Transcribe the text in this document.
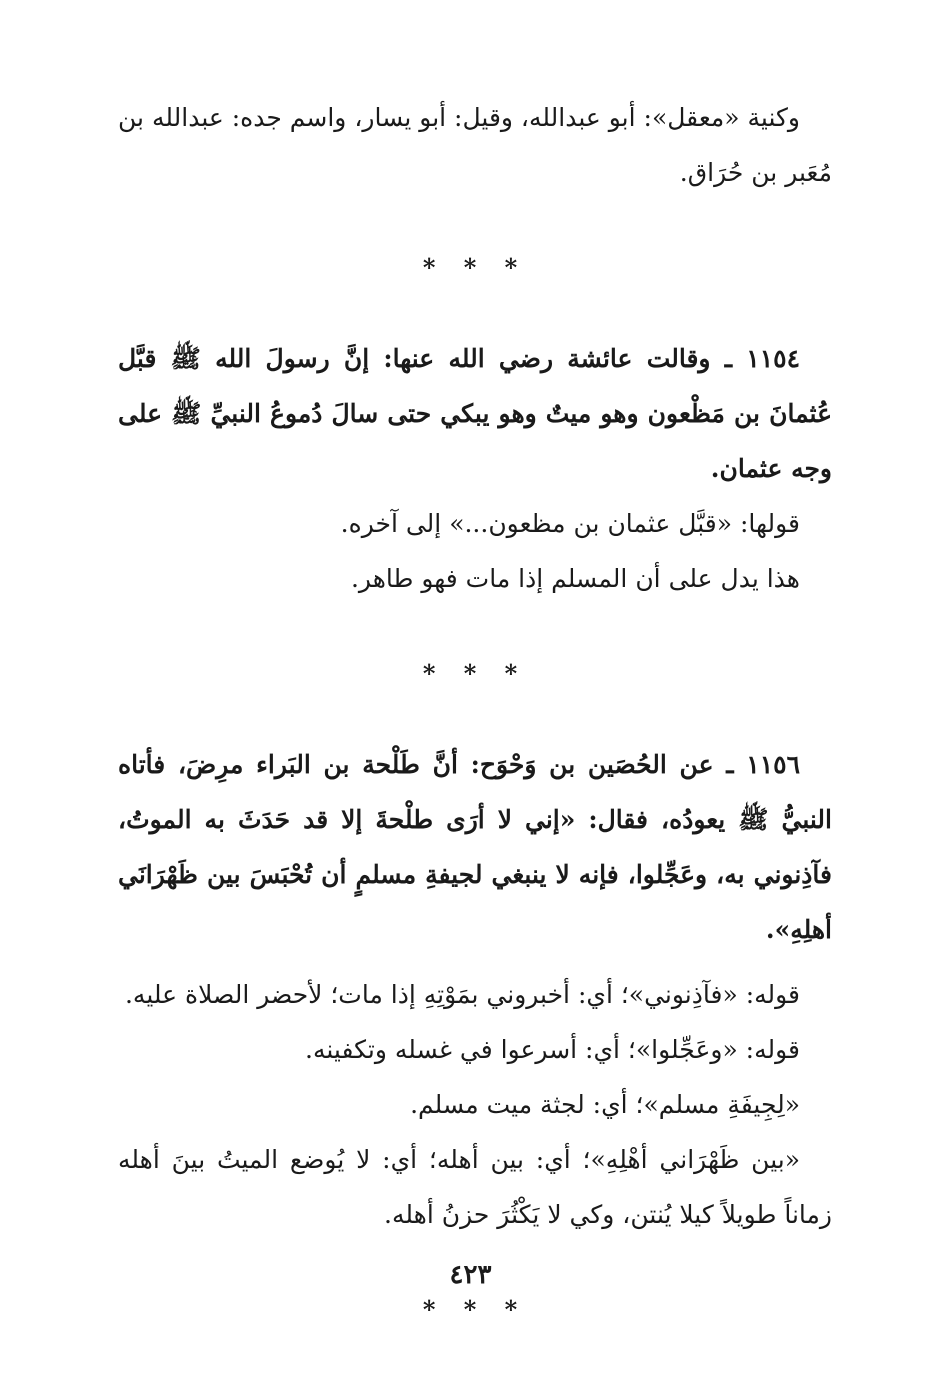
وكنية «معقل»: أبو عبدالله، وقيل: أبو يسار، واسم جده: عبدالله بن
مُعَبر بن حُرَاق.

* * *

١١٥٤ ـ وقالت عائشة رضي الله عنها: إنَّ رسولَ الله ﷺ قبَّل عُثمانَ بن مَظْعون وهو ميتٌ وهو يبكي حتى سالَ دُموعُ النبيِّ ﷺ على وجه عثمان.

قولها: «قبَّل عثمان بن مظعون...» إلى آخره.

هذا يدل على أن المسلم إذا مات فهو طاهر.

* * *

١١٥٦ ـ عن الحُصَين بن وَحْوَح: أنَّ طَلْحة بن البَراء مرِضَ، فأتاه النبيُّ ﷺ يعودُه، فقال: «إني لا أرَى طلْحةَ إلا قد حَدَثَ به الموتُ، فآذِنوني به، وعَجِّلوا، فإنه لا ينبغي لجيفةِ مسلمٍ أن تُحْبَسَ بين ظَهْرَانَي أهلِهِ».

قوله: «فآذِنوني»؛ أي: أخبروني بمَوْتِهِ إذا مات؛ لأحضر الصلاة عليه.

قوله: «وعَجِّلوا»؛ أي: أسرعوا في غسله وتكفينه.

«لِجِيفَةِ مسلم»؛ أي: لجثة ميت مسلم.

«بين ظَهْرَاني أهْلِهِ»؛ أي: بين أهله؛ أي: لا يُوضع الميتُ بينَ أهله زماناً طويلاً كيلا يُنتن، وكي لا يَكْثُرَ حزنُ أهله.

* * *

٤٢٣
